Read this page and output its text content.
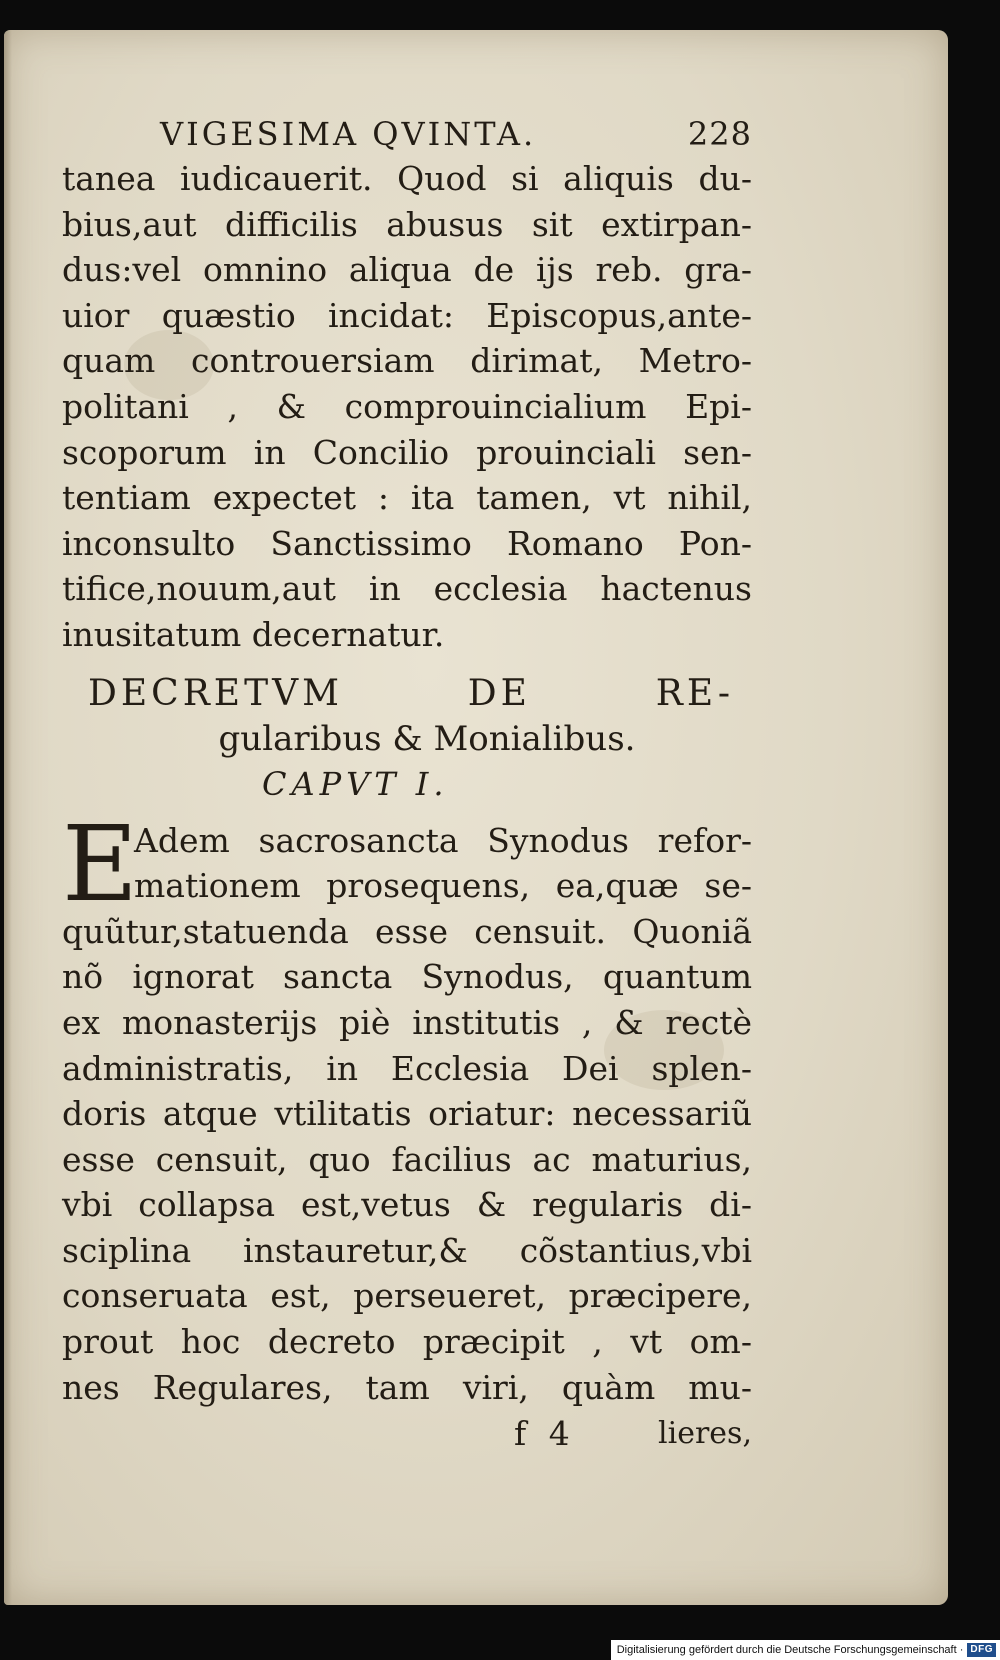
VIGESIMA QVINTA.	228
tanea iudicauerit. Quod si aliquis du-
bius,aut difficilis abusus sit extirpan-
dus:vel omnino aliqua de ijs reb. gra-
uior quæstio incidat: Episcopus,ante-
quam controuersiam dirimat, Metro-
politani , & comprouincialium Epi-
scoporum in Concilio prouinciali sen-
tentiam expectet : ita tamen, vt nihil,
inconsulto Sanctissimo Romano Pon-
tifice,nouum,aut in ecclesia hactenus
inusitatum decernatur.
DECRETVM DE RE-
gularibus & Monialibus.
CAPVT I.
E
Adem sacrosancta Synodus refor-
mationem prosequens, ea,quæ se-
quũtur,statuenda esse censuit. Quoniã
nõ ignorat sancta Synodus, quantum
ex monasterijs piè institutis , & rectè
administratis, in Ecclesia Dei splen-
doris atque vtilitatis oriatur: necessariũ
esse censuit, quo facilius ac maturius,
vbi collapsa est,vetus & regularis di-
sciplina instauretur,& cõstantius,vbi
conseruata est, perseueret, præcipere,
prout hoc decreto præcipit , vt om-
nes Regulares, tam viri, quàm mu-
f 4	lieres,
Digitalisierung gefördert durch die Deutsche Forschungsgemeinschaft · DFG
